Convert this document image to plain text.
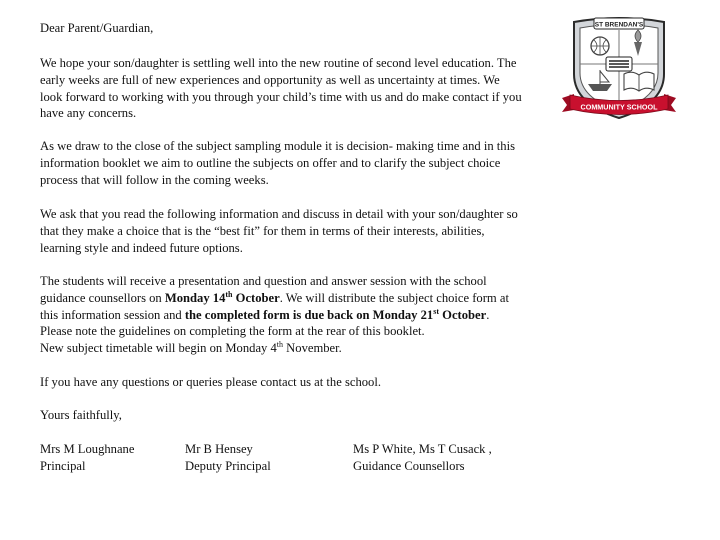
Dear Parent/Guardian,

We hope your son/daughter is settling well into the new routine of second level education. The
early weeks are full of new experiences and opportunity as well as uncertainty at times. We
look forward to working with you through your child’s time with us and do make contact if you
have any concerns.

As we draw to the close of the subject sampling module it is decision- making time and in this
information booklet we aim to outline the subjects on offer and to clarify the subject choice
process that will follow in the coming weeks.

We ask that you read the following information and discuss in detail with your son/daughter so
that they make a choice that is the “best fit” for them in terms of their interests, abilities,
learning style and indeed future options.

The students will receive a presentation and question and answer session with the school
guidance counsellors on Monday 14th October. We will distribute the subject choice form at
this information session and the completed form is due back on Monday 21st October.
Please note the guidelines on completing the form at the rear of this booklet.
New subject timetable will begin on Monday 4th November.

If you have any questions or queries please contact us at the school.

Yours faithfully,

Mrs M Loughnane
Principal
Mr B Hensey
Deputy Principal
Ms P White, Ms T Cusack ,
Guidance Counsellors
ST BRENDAN'S
COMMUNITY SCHOOL
